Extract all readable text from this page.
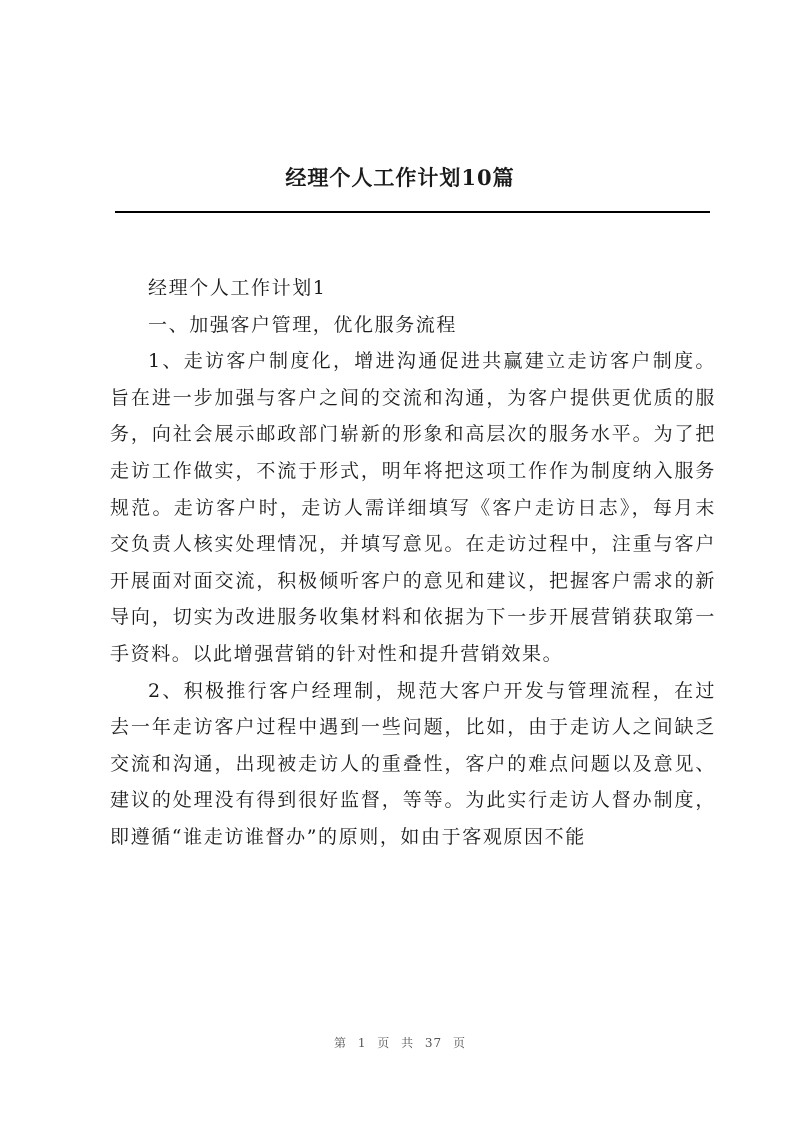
经理个人工作计划10篇

经理个人工作计划1

一、加强客户管理，优化服务流程

1、走访客户制度化，增进沟通促进共赢建立走访客户制度。旨在进一步加强与客户之间的交流和沟通，为客户提供更优质的服务，向社会展示邮政部门崭新的形象和高层次的服务水平。为了把走访工作做实，不流于形式，明年将把这项工作作为制度纳入服务规范。走访客户时，走访人需详细填写《客户走访日志》，每月末交负责人核实处理情况，并填写意见。在走访过程中，注重与客户开展面对面交流，积极倾听客户的意见和建议，把握客户需求的新导向，切实为改进服务收集材料和依据为下一步开展营销获取第一手资料。以此增强营销的针对性和提升营销效果。

2、积极推行客户经理制，规范大客户开发与管理流程，在过去一年走访客户过程中遇到一些问题，比如，由于走访人之间缺乏交流和沟通，出现被走访人的重叠性，客户的难点问题以及意见、建议的处理没有得到很好监督，等等。为此实行走访人督办制度，即遵循“谁走访谁督办”的原则，如由于客观原因不能

第 1 页 共 37 页
